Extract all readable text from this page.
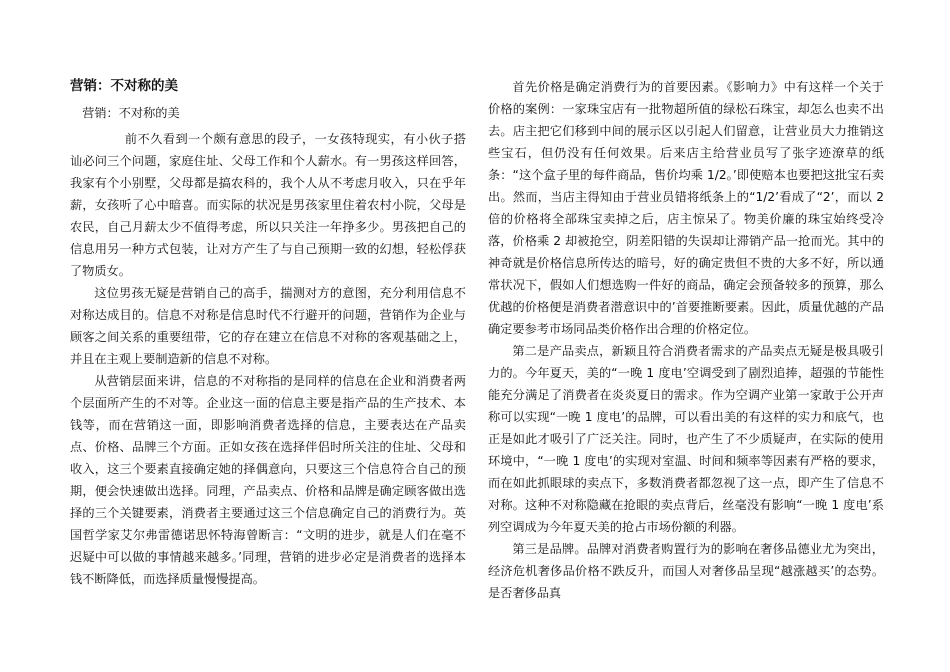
营销：不对称的美

营销：不对称的美

前不久看到一个颇有意思的段子，一女孩特现实，有小伙子搭讪必问三个问题，家庭住址、父母工作和个人薪水。有一男孩这样回答，我家有个小别墅，父母都是搞农科的，我个人从不考虑月收入，只在乎年薪，女孩听了心中暗喜。而实际的状况是男孩家里住着农村小院，父母是农民，自己月薪太少不值得考虑，所以只关注一年挣多少。男孩把自己的信息用另一种方式包装，让对方产生了与自己预期一致的幻想，轻松俘获了物质女。

这位男孩无疑是营销自己的高手，揣测对方的意图，充分利用信息不对称达成目的。信息不对称是信息时代不行避开的问题，营销作为企业与顾客之间关系的重要纽带，它的存在建立在信息不对称的客观基础之上，并且在主观上要制造新的信息不对称。

从营销层面来讲，信息的不对称指的是同样的信息在企业和消费者两个层面所产生的不对等。企业这一面的信息主要是指产品的生产技术、本钱等，而在营销这一面，即影响消费者选择的信息，主要表达在产品卖点、价格、品牌三个方面。正如女孩在选择伴侣时所关注的住址、父母和收入，这三个要素直接确定她的择偶意向，只要这三个信息符合自己的预期，便会快速做出选择。同理，产品卖点、价格和品牌是确定顾客做出选择的三个关键要素，消费者主要通过这三个信息确定自己的消费行为。英国哲学家艾尔弗雷德诺思怀特海曾断言：“文明的进步，就是人们在毫不迟疑中可以做的事情越来越多。’同理，营销的进步必定是消费者的选择本钱不断降低，而选择质量慢慢提高。

首先价格是确定消费行为的首要因素。《影响力》中有这样一个关于价格的案例：一家珠宝店有一批物超所值的绿松石珠宝，却怎么也卖不出去。店主把它们移到中间的展示区以引起人们留意，让营业员大力推销这些宝石，但仍没有任何效果。后来店主给营业员写了张字迹潦草的纸条：“这个盒子里的每件商品，售价均乘 1/2。’即使赔本也要把这批宝石卖出。然而，当店主得知由于营业员错将纸条上的“1/2’看成了“2’，而以 2 倍的价格将全部珠宝卖掉之后，店主惊呆了。物美价廉的珠宝始终受冷落，价格乘 2 却被抢空，阴差阳错的失误却让滞销产品一抢而光。其中的神奇就是价格信息所传达的暗号，好的确定贵但不贵的大多不好，所以通常状况下，假如人们想选购一件好的商品，确定会预备较多的预算，那么优越的价格便是消费者潜意识中的’首要推断要素。因此，质量优越的产品确定要参考市场同品类价格作出合理的价格定位。

第二是产品卖点，新颖且符合消费者需求的产品卖点无疑是极具吸引力的。今年夏天，美的“一晚 1 度电’空调受到了剧烈追捧，超强的节能性能充分满足了消费者在炎炎夏日的需求。作为空调产业第一家敢于公开声称可以实现“一晚 1 度电’的品牌，可以看出美的有这样的实力和底气，也正是如此才吸引了广泛关注。同时，也产生了不少质疑声，在实际的使用环境中，“一晚 1 度电’的实现对室温、时间和频率等因素有严格的要求，而在如此抓眼球的卖点下，多数消费者都忽视了这一点，即产生了信息不对称。这种不对称隐藏在抢眼的卖点背后，丝毫没有影响“一晚 1 度电’系列空调成为今年夏天美的抢占市场份额的利器。

第三是品牌。品牌对消费者购置行为的影响在奢侈品德业尤为突出，经济危机奢侈品价格不跌反升，而国人对奢侈品呈现“越涨越买’的态势。是否奢侈品真
